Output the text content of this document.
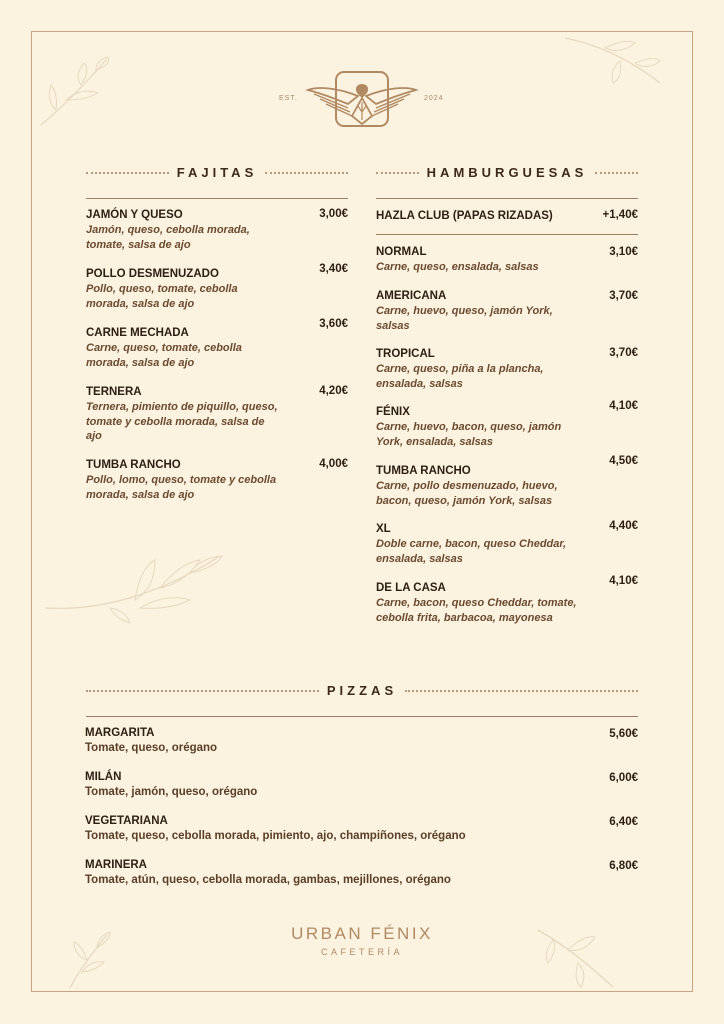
EST.	2024
FAJITAS
JAMÓN Y QUESO
Jamón, queso, cebolla morada, tomate, salsa de ajo
3,00€
POLLO DESMENUZADO
Pollo, queso, tomate, cebolla morada, salsa de ajo
3,40€
CARNE MECHADA
Carne, queso, tomate, cebolla morada, salsa de ajo
3,60€
TERNERA
Ternera, pimiento de piquillo, queso, tomate y cebolla morada, salsa de ajo
4,20€
TUMBA RANCHO
Pollo, lomo, queso, tomate y cebolla morada, salsa de ajo
4,00€
HAMBURGUESAS
HAZLA CLUB (PAPAS RIZADAS)	+1,40€
NORMAL
Carne, queso, ensalada, salsas
3,10€
AMERICANA
Carne, huevo, queso, jamón York, salsas
3,70€
TROPICAL
Carne, queso, piña a la plancha, ensalada, salsas
3,70€
FÉNIX
Carne, huevo, bacon, queso, jamón York, ensalada, salsas
4,10€
TUMBA RANCHO
Carne, pollo desmenuzado, huevo, bacon, queso, jamón York, salsas
4,50€
XL
Doble carne, bacon, queso Cheddar, ensalada, salsas
4,40€
DE LA CASA
Carne, bacon, queso Cheddar, tomate, cebolla frita, barbacoa, mayonesa
4,10€
PIZZAS
MARGARITA
Tomate, queso, orégano
5,60€
MILÁN
Tomate, jamón, queso, orégano
6,00€
VEGETARIANA
Tomate, queso, cebolla morada, pimiento, ajo, champiñones, orégano
6,40€
MARINERA
Tomate, atún, queso, cebolla morada, gambas, mejillones, orégano
6,80€
URBAN FÉNIX
CAFETERÍA
